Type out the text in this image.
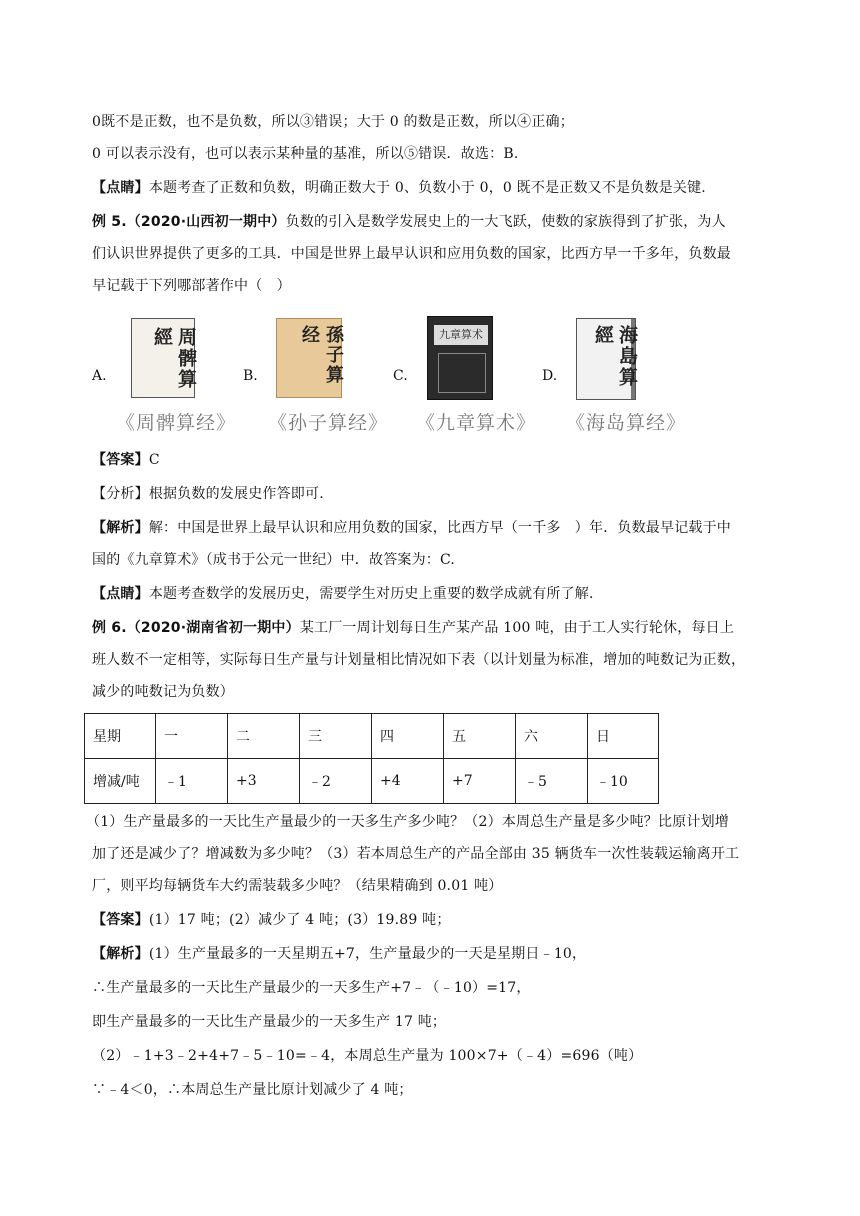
0既不是正数，也不是负数，所以③错误；大于 0 的数是正数，所以④正确；
0 可以表示没有，也可以表示某种量的基准，所以⑤错误．故选：B.
【点睛】本题考查了正数和负数，明确正数大于 0、负数小于 0，0 既不是正数又不是负数是关键.
例 5.（2020·山西初一期中）负数的引入是数学发展史上的一大飞跃，使数的家族得到了扩张，为人
们认识世界提供了更多的工具．中国是世界上最早认识和应用负数的国家，比西方早一千多年，负数最
早记载于下列哪部著作中（　）
A.	周髀算經
《周髀算经》
B.	孫子算经
《孙子算经》
C.
九章算术
《九章算术》
D.	海島算經
《海岛算经》
【答案】C
【分析】根据负数的发展史作答即可.
【解析】解：中国是世界上最早认识和应用负数的国家，比西方早（一千多　）年．负数最早记载于中
国的《九章算术》（成书于公元一世纪）中．故答案为：C.
【点睛】本题考查数学的发展历史，需要学生对历史上重要的数学成就有所了解.
例 6.（2020·湖南省初一期中）某工厂一周计划每日生产某产品 100 吨，由于工人实行轮休，每日上
班人数不一定相等，实际每日生产量与计划量相比情况如下表（以计划量为标准，增加的吨数记为正数，
减少的吨数记为负数）
星期	一	二	三	四	五	六	日
增减/吨	﹣1	+3	﹣2	+4	+7	﹣5	﹣10
（1）生产量最多的一天比生产量最少的一天多生产多少吨？（2）本周总生产量是多少吨？比原计划增
加了还是减少了？增减数为多少吨？（3）若本周总生产的产品全部由 35 辆货车一次性装载运输离开工
厂，则平均每辆货车大约需装载多少吨？（结果精确到 0.01 吨）
【答案】(1）17 吨；(2）减少了 4 吨；(3）19.89 吨；
【解析】(1）生产量最多的一天星期五+7，生产量最少的一天是星期日﹣10，
∴生产量最多的一天比生产量最少的一天多生产+7﹣（﹣10）=17，
即生产量最多的一天比生产量最少的一天多生产 17 吨；
（2）﹣1+3﹣2+4+7﹣5﹣10=﹣4，本周总生产量为 100×7+（﹣4）=696（吨）
∵﹣4＜0，∴本周总生产量比原计划减少了 4 吨；
